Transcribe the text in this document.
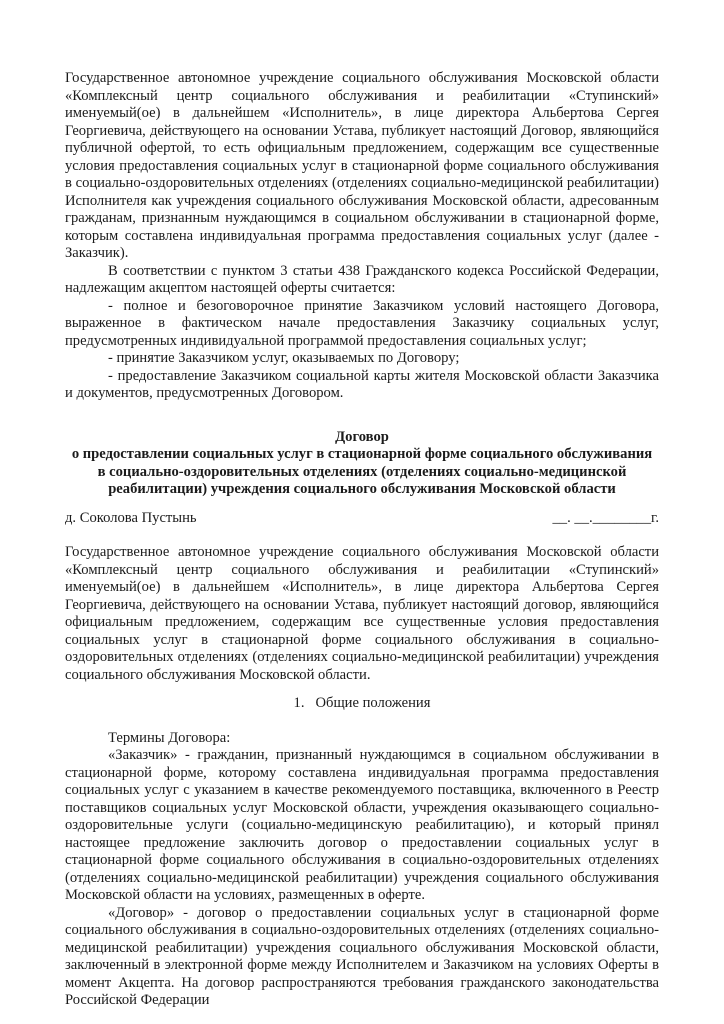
Государственное автономное учреждение социального обслуживания Московской области «Комплексный центр социального обслуживания и реабилитации «Ступинский» именуемый(ое) в дальнейшем «Исполнитель», в лице директора Альбертова Сергея Георгиевича, действующего на основании Устава, публикует настоящий Договор, являющийся публичной офертой, то есть официальным предложением, содержащим все существенные условия предоставления социальных услуг в стационарной форме социального обслуживания в социально-оздоровительных отделениях (отделениях социально-медицинской реабилитации) Исполнителя как учреждения социального обслуживания Московской области, адресованным гражданам, признанным нуждающимся в социальном обслуживании в стационарной форме, которым составлена индивидуальная программа предоставления социальных услуг (далее - Заказчик).

В соответствии с пунктом 3 статьи 438 Гражданского кодекса Российской Федерации, надлежащим акцептом настоящей оферты считается:

- полное и безоговорочное принятие Заказчиком условий настоящего Договора, выраженное в фактическом начале предоставления Заказчику социальных услуг, предусмотренных индивидуальной программой предоставления социальных услуг;

- принятие Заказчиком услуг, оказываемых по Договору;

- предоставление Заказчиком социальной карты жителя Московской области Заказчика и документов, предусмотренных Договором.

Договор
о предоставлении социальных услуг в стационарной форме социального обслуживания
в социально-оздоровительных отделениях (отделениях социально-медицинской
реабилитации) учреждения социального обслуживания Московской области
д. Соколова Пустынь	__. __.________г.

Государственное автономное учреждение социального обслуживания Московской области «Комплексный центр социального обслуживания и реабилитации «Ступинский» именуемый(ое) в дальнейшем «Исполнитель», в лице директора Альбертова Сергея Георгиевича, действующего на основании Устава, публикует настоящий договор, являющийся официальным предложением, содержащим все существенные условия предоставления социальных услуг в стационарной форме социального обслуживания в социально-оздоровительных отделениях (отделениях социально-медицинской реабилитации) учреждения социального обслуживания Московской области.

1. Общие положения

Термины Договора:

«Заказчик» - гражданин, признанный нуждающимся в социальном обслуживании в стационарной форме, которому составлена индивидуальная программа предоставления социальных услуг с указанием в качестве рекомендуемого поставщика, включенного в Реестр поставщиков социальных услуг Московской области, учреждения оказывающего социально-оздоровительные услуги (социально-медицинскую реабилитацию), и который принял настоящее предложение заключить договор о предоставлении социальных услуг в стационарной форме социального обслуживания в социально-оздоровительных отделениях (отделениях социально-медицинской реабилитации) учреждения социального обслуживания Московской области на условиях, размещенных в оферте.

«Договор» - договор о предоставлении социальных услуг в стационарной форме социального обслуживания в социально-оздоровительных отделениях (отделениях социально-медицинской реабилитации) учреждения социального обслуживания Московской области, заключенный в электронной форме между Исполнителем и Заказчиком на условиях Оферты в момент Акцепта. На договор распространяются требования гражданского законодательства Российской Федерации
